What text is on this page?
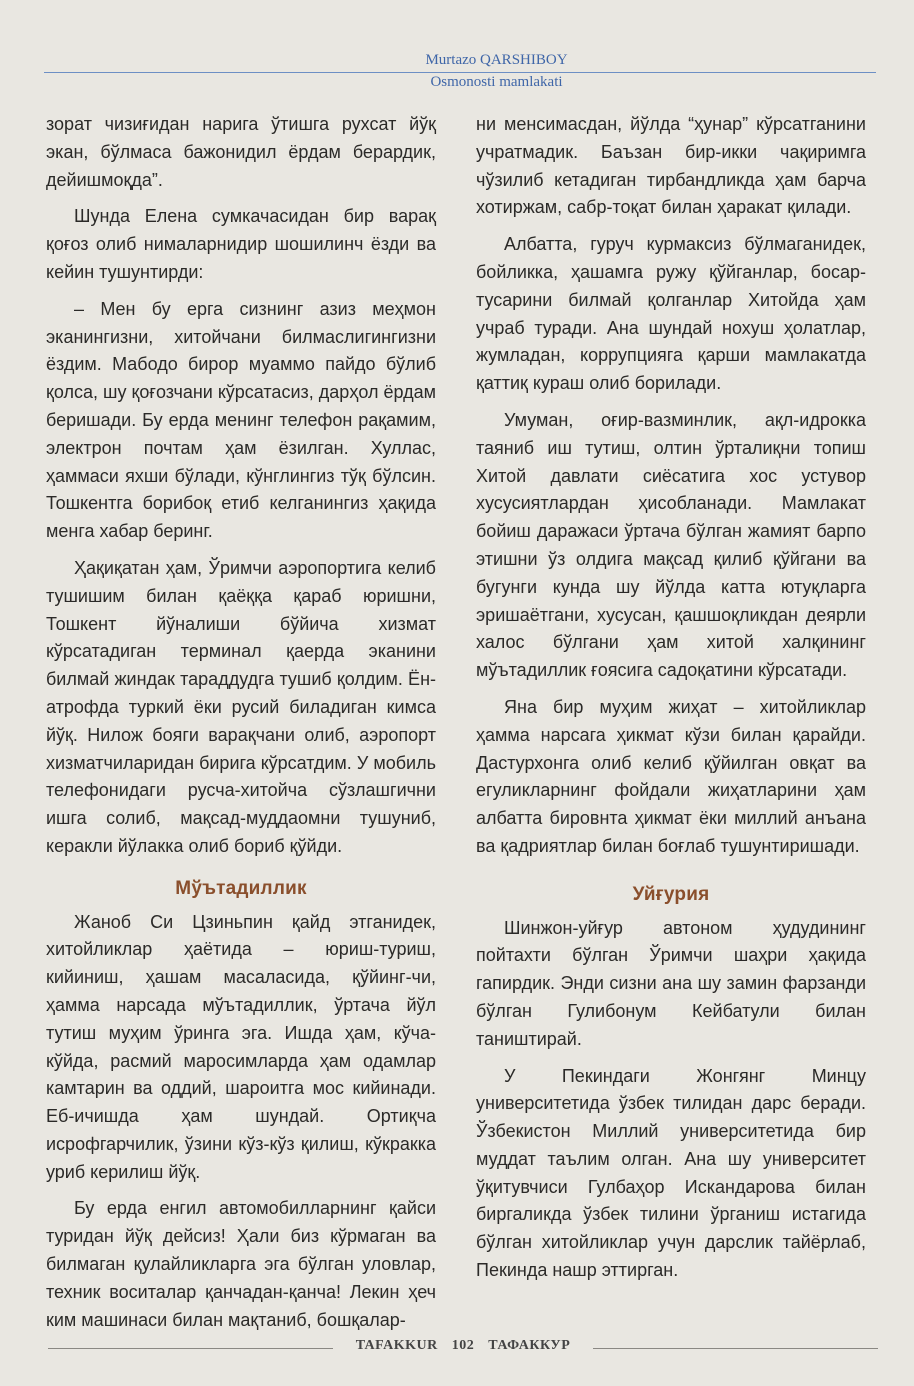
Murtazo QARSHIBOY
Osmonosti mamlakati

зорат чизиғидан нарига ўтишга рухсат йўқ экан, бўлмаса бажонидил ёрдам берардик, дейишмоқда”.

Шунда Елена сумкачасидан бир варақ қоғоз олиб нималарнидир шошилинч ёзди ва кейин тушунтирди:

– Мен бу ерга сизнинг азиз меҳмон эканингизни, хитойчани билмаслигингизни ёздим. Мабодо бирор муаммо пайдо бўлиб қолса, шу қоғозчани кўрсатасиз, дарҳол ёрдам беришади. Бу ерда менинг телефон рақамим, электрон почтам ҳам ёзилган. Хуллас, ҳаммаси яхши бўлади, кўнглингиз тўқ бўлсин. Тошкентга борибоқ етиб келганингиз ҳақида менга хабар беринг.

Ҳақиқатан ҳам, Ўримчи аэропортига келиб тушишим билан қаёққа қараб юришни, Тошкент йўналиши бўйича хизмат кўрсатадиган терминал қаерда эканини билмай жиндак тараддудга тушиб қолдим. Ён-атрофда туркий ёки русий биладиган кимса йўқ. Нилож бояги варақчани олиб, аэропорт хизматчиларидан бирига кўрсатдим. У мобиль телефонидаги русча-хитойча сўзлашгични ишга солиб, мақсад-муддаомни тушуниб, керакли йўлакка олиб бориб қўйди.

Мўътадиллик

Жаноб Си Цзиньпин қайд этганидек, хитойликлар ҳаётида – юриш-туриш, кийиниш, ҳашам масаласида, қўйинг-чи, ҳамма нарсада мўътадиллик, ўртача йўл тутиш муҳим ўринга эга. Ишда ҳам, кўча-кўйда, расмий маросимларда ҳам одамлар камтарин ва оддий, шароитга мос кийинади. Еб-ичишда ҳам шундай. Ортиқча исрофгарчилик, ўзини кўз-кўз қилиш, кўкракка уриб керилиш йўқ.

Бу ерда енгил автомобилларнинг қайси туридан йўқ дейсиз! Ҳали биз кўрмаган ва билмаган қулайликларга эга бўлган уловлар, техник воситалар қанчадан-қанча! Лекин ҳеч ким машинаси билан мақтаниб, бошқалар-

ни менсимасдан, йўлда “ҳунар” кўрсатганини учратмадик. Баъзан бир-икки чақиримга чўзилиб кетадиган тирбандликда ҳам барча хотиржам, сабр-тоқат билан ҳаракат қилади.

Албатта, гуруч курмаксиз бўлмаганидек, бойликка, ҳашамга ружу қўйганлар, босар-тусарини билмай қолганлар Хитойда ҳам учраб туради. Ана шундай нохуш ҳолатлар, жумладан, коррупцияга қарши мамлакатда қаттиқ кураш олиб борилади.

Умуман, оғир-вазминлик, ақл-идрокка таяниб иш тутиш, олтин ўрталиқни топиш Хитой давлати сиёсатига хос устувор хусусиятлардан ҳисобланади. Мамлакат бойиш даражаси ўртача бўлган жамият барпо этишни ўз олдига мақсад қилиб қўйгани ва бугунги кунда шу йўлда катта ютуқларга эришаётгани, хусусан, қашшоқликдан деярли халос бўлгани ҳам хитой халқининг мўътадиллик ғоясига садоқатини кўрсатади.

Яна бир муҳим жиҳат – хитойликлар ҳамма нарсага ҳикмат кўзи билан қарайди. Дастурхонга олиб келиб қўйилган овқат ва егуликларнинг фойдали жиҳатларини ҳам албатта бировнта ҳикмат ёки миллий анъана ва қадриятлар билан боғлаб тушунтиришади.

Уйғурия

Шинжон-уйғур автоном ҳудудининг пойтахти бўлган Ўримчи шаҳри ҳақида гапирдик. Энди сизни ана шу замин фарзанди бўлган Гулибонум Кейбатули билан таништирай.

У Пекиндаги Жонгянг Минцу университетида ўзбек тилидан дарс беради. Ўзбекистон Миллий университетида бир муддат таълим олган. Ана шу университет ўқитувчиси Гулбаҳор Искандарова билан биргаликда ўзбек тилини ўрганиш истагида бўлган хитойликлар учун дарслик тайёрлаб, Пекинда нашр эттирган.

TAFAKKUR 102 ТАФАККУР
